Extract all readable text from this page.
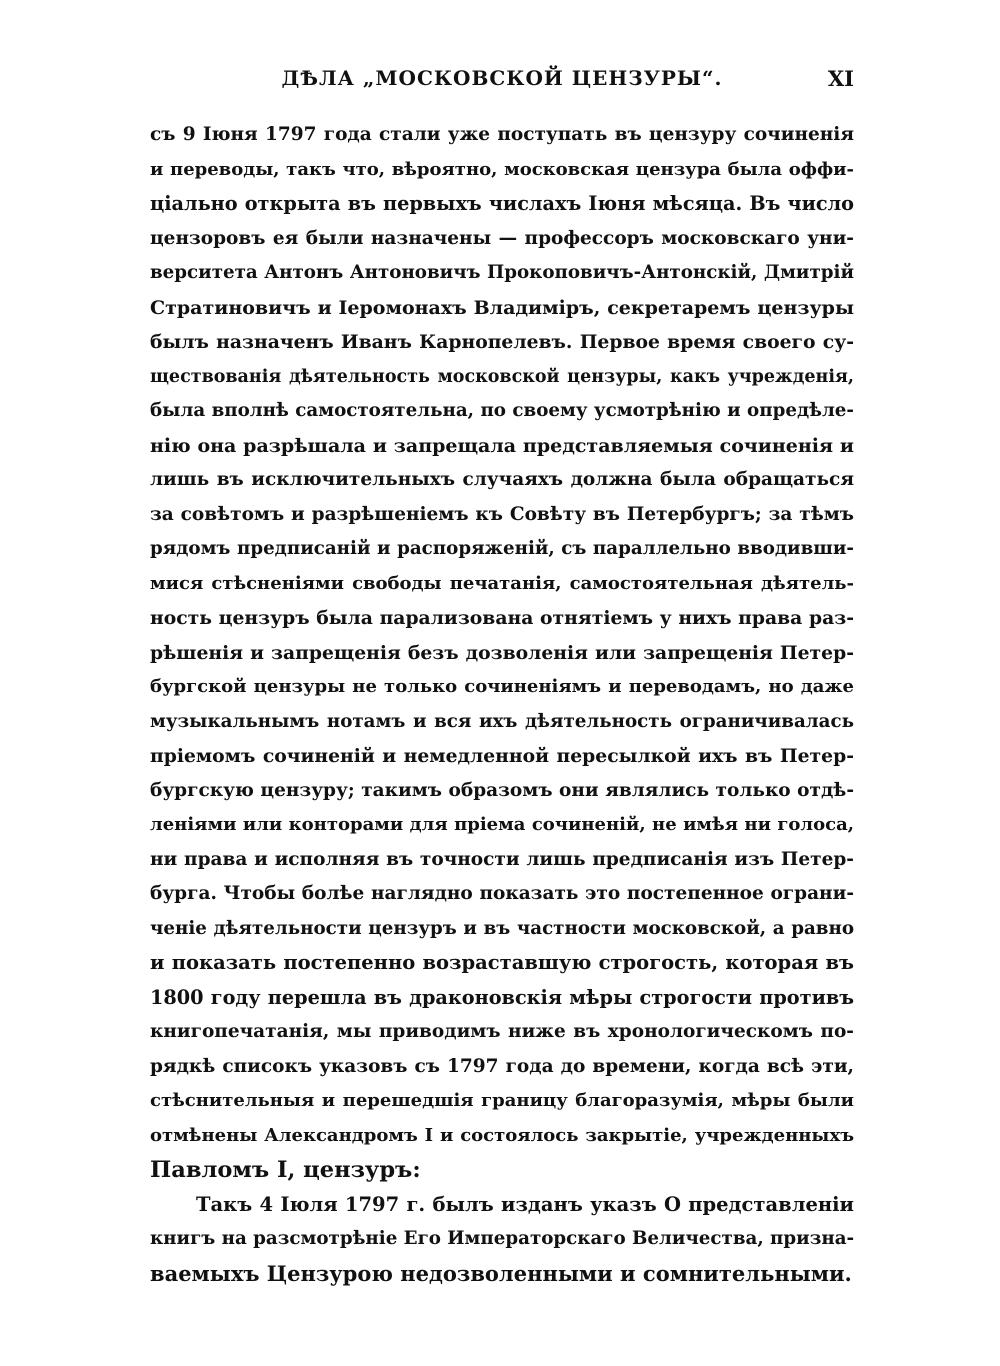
ДѢЛА „МОСКОВСКОЙ ЦЕНЗУРЫ“.	XI
съ 9 Іюня 1797 года стали уже поступать въ цензуру сочиненія
и переводы, такъ что, вѣроятно, московская цензура была оффи-
ціально открыта въ первыхъ числахъ Іюня мѣсяца. Въ число
цензоровъ ея были назначены — профессоръ московскаго уни-
верситета Антонъ Антоновичъ Прокоповичъ-Антонскій, Дмитрій
Стратиновичъ и Іеромонахъ Владиміръ, секретаремъ цензуры
былъ назначенъ Иванъ Карнопелевъ. Первое время своего су-
ществованія дѣятельность московской цензуры, какъ учрежденія,
была вполнѣ самостоятельна, по своему усмотрѣнію и опредѣле-
нію она разрѣшала и запрещала представляемыя сочиненія и
лишь въ исключительныхъ случаяхъ должна была обращаться
за совѣтомъ и разрѣшеніемъ къ Совѣту въ Петербургъ; за тѣмъ
рядомъ предписаній и распоряженій, съ параллельно вводивши-
мися стѣсненіями свободы печатанія, самостоятельная дѣятель-
ность цензуръ была парализована отнятіемъ у нихъ права раз-
рѣшенія и запрещенія безъ дозволенія или запрещенія Петер-
бургской цензуры не только сочиненіямъ и переводамъ, но даже
музыкальнымъ нотамъ и вся ихъ дѣятельность ограничивалась
пріемомъ сочиненій и немедленной пересылкой ихъ въ Петер-
бургскую цензуру; такимъ образомъ они являлись только отдѣ-
леніями или конторами для пріема сочиненій, не имѣя ни голоса,
ни права и исполняя въ точности лишь предписанія изъ Петер-
бурга. Чтобы болѣе наглядно показать это постепенное ограни-
ченіе дѣятельности цензуръ и въ частности московской, а равно
и показать постепенно возраставшую строгость, которая въ
1800 году перешла въ драконовскія мѣры строгости противъ
книгопечатанія, мы приводимъ ниже въ хронологическомъ по-
рядкѣ списокъ указовъ съ 1797 года до времени, когда всѣ эти,
стѣснительныя и перешедшія границу благоразумія, мѣры были
отмѣнены Александромъ I и состоялось закрытіе, учрежденныхъ
Павломъ I, цензуръ:
Такъ 4 Іюля 1797 г. былъ изданъ указъ О представленіи
книгъ на разсмотрѣніе Его Императорскаго Величества, призна-
ваемыхъ Цензурою недозволенными и сомнительными.
